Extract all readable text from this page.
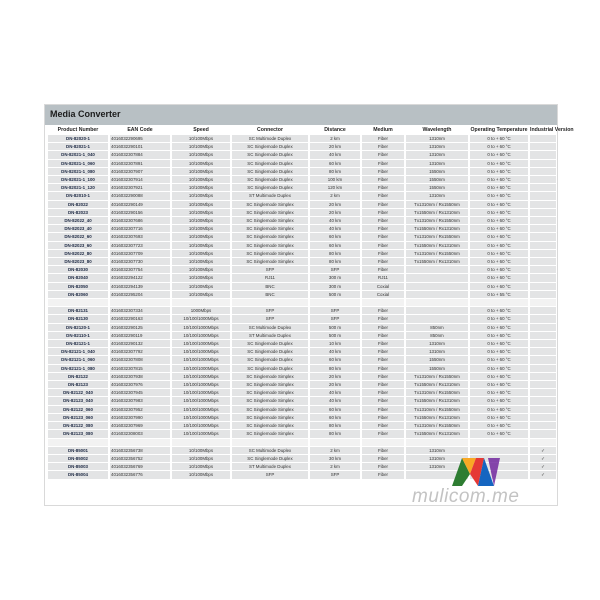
Media Converter
Product Number	EAN Code	Speed	Connector	Distance	Medium	Wavelength	Operating Temperature	Industrial Version
DN-82020-1	4016032290695	10/100Mbps	SC Multimode Duplex	2 km	Fiber	1310nm	0 to + 60 °C	
DN-82021-1	4016032290101	10/100Mbps	SC Singlemode Duplex	20 km	Fiber	1310nm	0 to + 60 °C	
DN-82021-1_040	4016032307884	10/100Mbps	SC Singlemode Duplex	40 km	Fiber	1310nm	0 to + 60 °C	
DN-82021-1_060	4016032307891	10/100Mbps	SC Singlemode Duplex	60 km	Fiber	1310nm	0 to + 60 °C	
DN-82021-1_080	4016032307907	10/100Mbps	SC Singlemode Duplex	80 km	Fiber	1550nm	0 to + 60 °C	
DN-82021-1_100	4016032307914	10/100Mbps	SC Singlemode Duplex	100 km	Fiber	1550nm	0 to + 60 °C	
DN-82021-1_120	4016032307921	10/100Mbps	SC Singlemode Duplex	120 km	Fiber	1550nm	0 to + 60 °C	
DN-82010-1	4016032290088	10/100Mbps	ST Multimode Duplex	2 km	Fiber	1310nm	0 to + 60 °C	
DN-82022	4016032290149	10/100Mbps	SC Singlemode Simplex	20 km	Fiber	Tx1310nm / Rx1550nm	0 to + 60 °C	
DN-82023	4016032290156	10/100Mbps	SC Singlemode Simplex	20 km	Fiber	Tx1550nm / Rx1310nm	0 to + 60 °C	
DN-82022_40	4016032307686	10/100Mbps	SC Singlemode Simplex	40 km	Fiber	Tx1310nm / Rx1550nm	0 to + 60 °C	
DN-82023_40	4016032307716	10/100Mbps	SC Singlemode Simplex	40 km	Fiber	Tx1550nm / Rx1310nm	0 to + 60 °C	
DN-82022_60	4016032307693	10/100Mbps	SC Singlemode Simplex	60 km	Fiber	Tx1310nm / Rx1550nm	0 to + 60 °C	
DN-82023_60	4016032307723	10/100Mbps	SC Singlemode Simplex	60 km	Fiber	Tx1550nm / Rx1310nm	0 to + 60 °C	
DN-82022_80	4016032307709	10/100Mbps	SC Singlemode Simplex	80 km	Fiber	Tx1310nm / Rx1550nm	0 to + 60 °C	
DN-82023_80	4016032307730	10/100Mbps	SC Singlemode Simplex	80 km	Fiber	Tx1550nm / Rx1310nm	0 to + 60 °C	
DN-82030	4016032307754	10/100Mbps	SFP	SFP	Fiber		0 to + 60 °C	
DN-82040	4016032294122	10/100Mbps	RJ11	300 m	RJ11		0 to + 60 °C	
DN-82050	4016032294139	10/100Mbps	BNC	300 m	Coxial		0 to + 60 °C	
DN-82060	4016032295204	10/100Mbps	BNC	500 m	Coxial		0 to + 55 °C	

DN-82131	4016032307334	1000Mbps	SFP	SFP	Fiber		0 to + 60 °C	
DN-82130	4016032290163	10/100/1000Mbps	SFP	SFP	Fiber		0 to + 60 °C	
DN-82120-1	4016032290125	10/100/1000Mbps	SC Multimode Duplex	500 m	Fiber	850nm	0 to + 60 °C	
DN-82110-1	4016032290119	10/100/1000Mbps	ST Multimode Duplex	500 m	Fiber	850nm	0 to + 60 °C	
DN-82121-1	4016032290132	10/100/1000Mbps	SC Singlemode Duplex	10 km	Fiber	1310nm	0 to + 60 °C	
DN-82121-1_040	4016032307792	10/100/1000Mbps	SC Singlemode Duplex	40 km	Fiber	1310nm	0 to + 60 °C	
DN-82121-1_060	4016032307808	10/100/1000Mbps	SC Singlemode Duplex	60 km	Fiber	1550nm	0 to + 60 °C	
DN-82121-1_080	4016032307815	10/100/1000Mbps	SC Singlemode Duplex	80 km	Fiber	1550nm	0 to + 60 °C	
DN-82122	4016032307938	10/100/1000Mbps	SC Singlemode Simplex	20 km	Fiber	Tx1310nm / Rx1550nm	0 to + 60 °C	
DN-82123	4016032307976	10/100/1000Mbps	SC Singlemode Simplex	20 km	Fiber	Tx1550nm / Rx1310nm	0 to + 60 °C	
DN-82122_040	4016032307945	10/100/1000Mbps	SC Singlemode Simplex	40 km	Fiber	Tx1310nm / Rx1550nm	0 to + 60 °C	
DN-82123_040	4016032307983	10/100/1000Mbps	SC Singlemode Simplex	40 km	Fiber	Tx1550nm / Rx1310nm	0 to + 60 °C	
DN-82122_060	4016032307952	10/100/1000Mbps	SC Singlemode Simplex	60 km	Fiber	Tx1310nm / Rx1550nm	0 to + 60 °C	
DN-82123_060	4016032307990	10/100/1000Mbps	SC Singlemode Simplex	60 km	Fiber	Tx1550nm / Rx1310nm	0 to + 60 °C	
DN-82122_080	4016032307969	10/100/1000Mbps	SC Singlemode Simplex	80 km	Fiber	Tx1310nm / Rx1550nm	0 to + 60 °C	
DN-82123_080	4016032308003	10/100/1000Mbps	SC Singlemode Simplex	80 km	Fiber	Tx1550nm / Rx1310nm	0 to + 60 °C	

DN-85001	4016032356738	10/100Mbps	SC Multimode Duplex	2 km	Fiber	1310nm		✓
DN-85002	4016032356752	10/100Mbps	SC Singlemode Duplex	30 km	Fiber	1310nm		✓
DN-85003	4016032356769	10/100Mbps	ST Multimode Duplex	2 km	Fiber	1310nm		✓
DN-85004	4016032356776	10/100Mbps	SFP	SFP	Fiber			✓
mulicom.me
